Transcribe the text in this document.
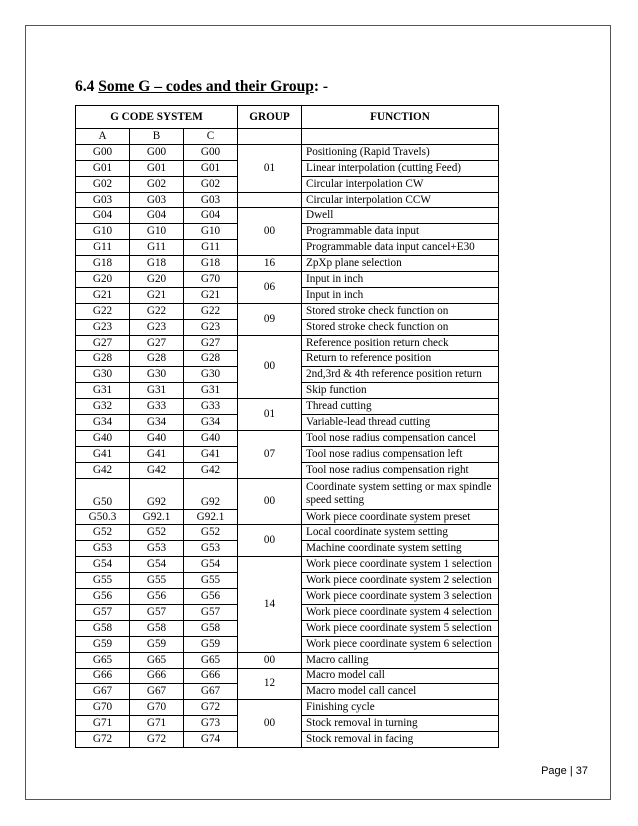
6.4 Some G – codes and their Group: -
G CODE SYSTEM			GROUP	FUNCTION
A	B	C		
G00	G00	G00	01	Positioning (Rapid Travels)
G01	G01	G01		Linear interpolation (cutting Feed)
G02	G02	G02		Circular interpolation CW
G03	G03	G03		Circular interpolation CCW
G04	G04	G04	00	Dwell
G10	G10	G10		Programmable data input
G11	G11	G11		Programmable data input cancel+E30
G18	G18	G18	16	ZpXp plane selection
G20	G20	G70	06	Input in inch
G21	G21	G21		Input in inch
G22	G22	G22	09	Stored stroke check function on
G23	G23	G23		Stored stroke check function on
G27	G27	G27	00	Reference position return check
G28	G28	G28		Return to reference position
G30	G30	G30		2nd,3rd & 4th reference position return
G31	G31	G31		Skip function
G32	G33	G33	01	Thread cutting
G34	G34	G34		Variable-lead thread cutting
G40	G40	G40	07	Tool nose radius compensation cancel
G41	G41	G41		Tool nose radius compensation left
G42	G42	G42		Tool nose radius compensation right
G50	G92	G92	00	Coordinate system setting or max spindle speed setting
G50.3	G92.1	G92.1		Work piece coordinate system preset
G52	G52	G52	00	Local coordinate system setting
G53	G53	G53		Machine coordinate system setting
G54	G54	G54	14	Work piece coordinate system 1 selection
G55	G55	G55		Work piece coordinate system 2 selection
G56	G56	G56		Work piece coordinate system 3 selection
G57	G57	G57		Work piece coordinate system 4 selection
G58	G58	G58		Work piece coordinate system 5 selection
G59	G59	G59		Work piece coordinate system 6 selection
G65	G65	G65	00	Macro calling
G66	G66	G66	12	Macro model call
G67	G67	G67		Macro model call cancel
G70	G70	G72	00	Finishing cycle
G71	G71	G73		Stock removal in turning
G72	G72	G74		Stock removal in facing
Page | 37
